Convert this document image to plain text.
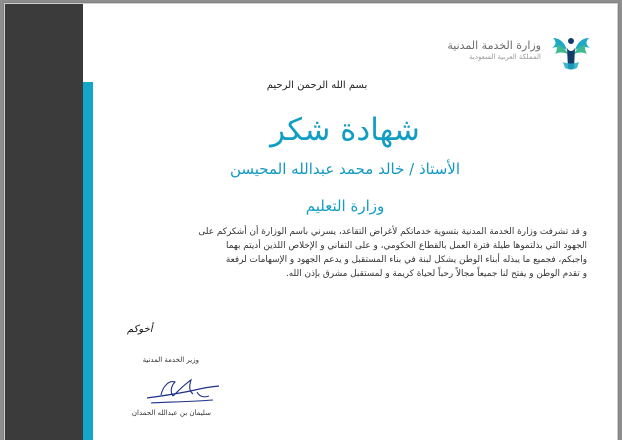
وزارة الخدمة المدنية
المملكة العربية السعودية
بسم الله الرحمن الرحيم
شهادة شكر
الأستاذ / خالد محمد عبدالله المحيسن
وزارة التعليم
و قد تشرفت وزارة الخدمة المدنية بتسوية خدماتكم لأغراض التقاعد، يسرني باسم الوزارة أن أشكركم على
الجهود التي بذلتموها طيلة فترة العمل بالقطاع الحكومي، و على التفاني و الإخلاص اللذين أديتم بهما
واجبكم، فجميع ما يبذله أبناء الوطن يشكل لبنة في بناء المستقبل و يدعم الجهود و الإسهامات لرفعة
و تقدم الوطن و يفتح لنا جميعاً مجالاً رحباً لحياة كريمة و لمستقبل مشرق بإذن الله.
أخوكم
وزير الخدمة المدنية
سليمان بن عبدالله الحمدان
